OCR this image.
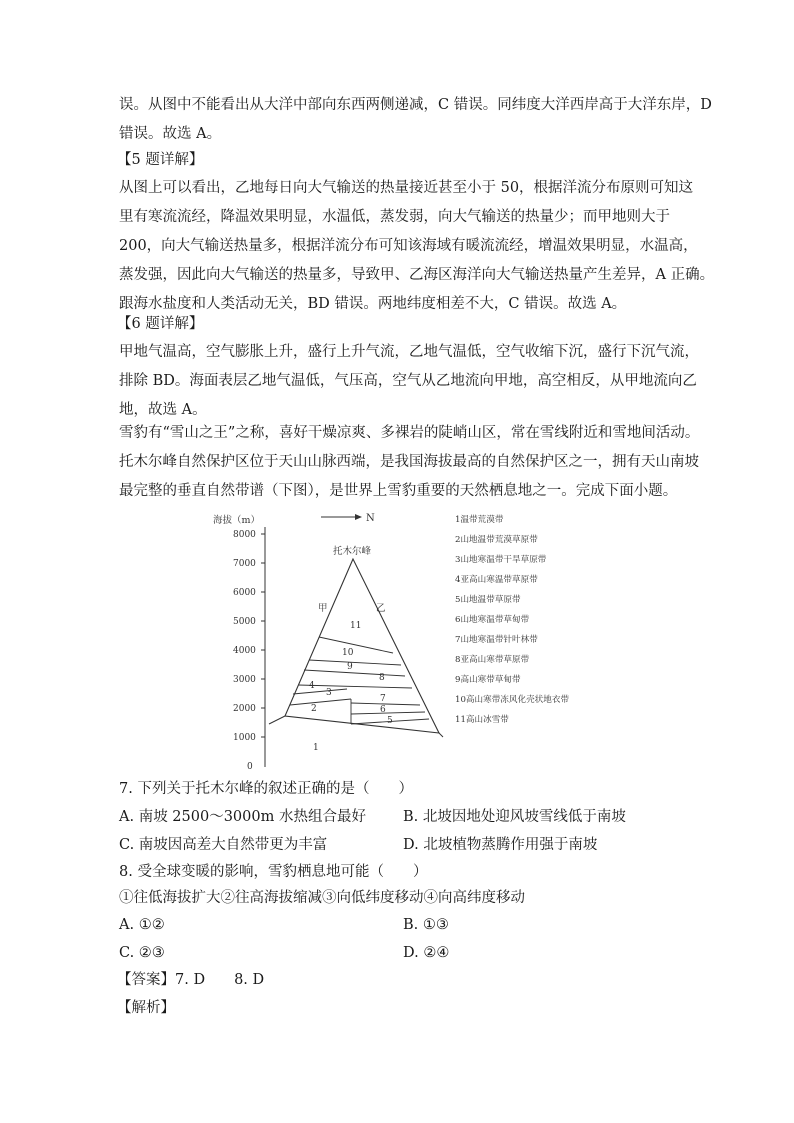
误。从图中不能看出从大洋中部向东西两侧递减，C 错误。同纬度大洋西岸高于大洋东岸，D
错误。故选 A。

【5 题详解】

从图上可以看出，乙地每日向大气输送的热量接近甚至小于 50，根据洋流分布原则可知这
里有寒流流经，降温效果明显，水温低，蒸发弱，向大气输送的热量少；而甲地则大于
200，向大气输送热量多，根据洋流分布可知该海域有暖流流经，增温效果明显，水温高，
蒸发强，因此向大气输送的热量多，导致甲、乙海区海洋向大气输送热量产生差异，A 正确。
跟海水盐度和人类活动无关，BD 错误。两地纬度相差不大，C 错误。故选 A。

【6 题详解】

甲地气温高，空气膨胀上升，盛行上升气流，乙地气温低，空气收缩下沉，盛行下沉气流，
排除 BD。海面表层乙地气温低，气压高，空气从乙地流向甲地，高空相反，从甲地流向乙
地，故选 A。

雪豹有“雪山之王”之称，喜好干燥凉爽、多裸岩的陡峭山区，常在雪线附近和雪地间活动。
托木尔峰自然保护区位于天山山脉西端，是我国海拔最高的自然保护区之一，拥有天山南坡
最完整的垂直自然带谱（下图），是世界上雪豹重要的天然栖息地之一。完成下面小题。

海拔（m）
8000
7000
6000
5000
4000
3000
2000
1000
0
N
托木尔峰
甲	乙
1
2
3
4
5
6
7
8
9
10
11
1温带荒漠带
2山地温带荒漠草原带
3山地寒温带干旱草原带
4亚高山寒温带草原带
5山地温带草原带
6山地寒温带草甸带
7山地寒温带针叶林带
8亚高山寒带草原带
9高山寒带草甸带
10高山寒带冻风化壳状地衣带
11高山冰雪带
7. 下列关于托木尔峰的叙述正确的是（　　）
A. 南坡 2500～3000m 水热组合最好	B. 北坡因地处迎风坡雪线低于南坡
C. 南坡因高差大自然带更为丰富	D. 北坡植物蒸腾作用强于南坡
8. 受全球变暖的影响，雪豹栖息地可能（　　）
①往低海拔扩大②往高海拔缩减③向低纬度移动④向高纬度移动
A. ①②	B. ①③
C. ②③	D. ②④
【答案】7. D　　8. D
【解析】
